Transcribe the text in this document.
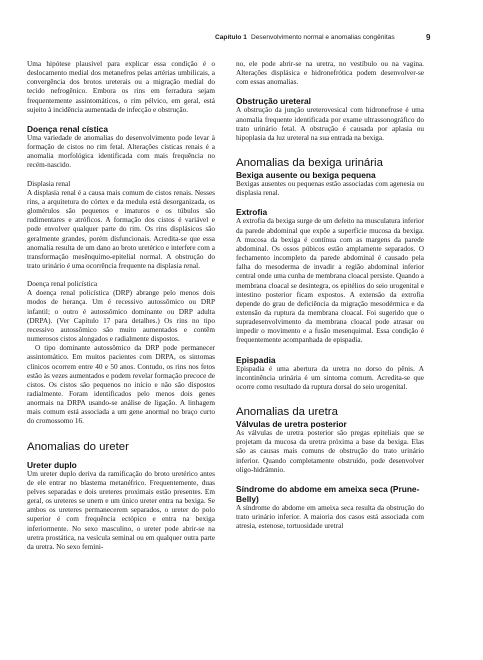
Capítulo 1 Desenvolvimento normal e anomalias congênitas	9

Uma hipótese plausível para explicar essa condição é o deslocamento medial dos metanefros pelas artérias umbilicais, a convergência dos brotos ureterais ou a migração medial do tecido nefrogênico. Embora os rins em ferradura sejam frequentemente assintomáticos, o rim pélvico, em geral, está sujeito à incidência aumentada de infecção e obstrução.

Doença renal cística

Uma variedade de anomalias do desenvolvimento pode levar à formação de cistos no rim fetal. Alterações císticas renais é a anomalia morfológica identificada com mais frequência no recém-nascido.

Displasia renal

A displasia renal é a causa mais comum de cistos renais. Nesses rins, a arquitetura do córtex e da medula está desorganizada, os glomérulos são pequenos e imaturos e os túbulos são rudimentares e atróficos. A formação dos cistos é variável e pode envolver qualquer parte do rim. Os rins displásicos são geralmente grandes, porém disfuncionais. Acredita-se que essa anomalia resulta de um dano ao broto uretérico e interfere com a transformação mesênquimo-epitelial normal. A obstrução do trato urinário é uma ocorrência frequente na displasia renal.

Doença renal policística

A doença renal policística (DRP) abrange pelo menos dois modos de herança. Um é recessivo autossômico ou DRP infantil; o outro é autossômico dominante ou DRP adulta (DRPA). (Ver Capítulo 17 para detalhes.) Os rins no tipo recessivo autossômico são muito aumentados e contêm numerosos cistos alongados e radialmente dispostos.

O tipo dominante autossômico da DRP pode permanecer assintomático. Em muitos pacientes com DRPA, os sintomas clínicos ocorrem entre 40 e 50 anos. Contudo, os rins nos fetos estão às vezes aumentados e podem revelar formação precoce de cistos. Os cistos são pequenos no início e não são dispostos radialmente. Foram identificados pelo menos dois genes anormais na DRPA usando-se análise de ligação. A linhagem mais comum está associada a um gene anormal no braço curto do cromossomo 16.

Anomalias do ureter
Ureter duplo

Um ureter duplo deriva da ramificação do broto uretérico antes de ele entrar no blastema metanéfrico. Frequentemente, duas pelves separadas e dois ureteres proximais estão presentes. Em geral, os ureteres se unem e um único ureter entra na bexiga. Se ambos os ureteres permanecerem separados, o ureter do polo superior é com frequência ectópico e entra na bexiga inferiormente. No sexo masculino, o ureter pode abrir-se na uretra prostática, na vesícula seminal ou em qualquer outra parte da uretra. No sexo femini-

no, ele pode abrir-se na uretra, no vestíbulo ou na vagina. Alterações displásica e hidronefrótica podem desenvolver-se com essas anomalias.

Obstrução ureteral

A obstrução da junção ureterovesical com hidronefrose é uma anomalia frequente identificada por exame ultrassonográfico do trato urinário fetal. A obstrução é causada por aplasia ou hipoplasia da luz ureteral na sua entrada na bexiga.

Anomalias da bexiga urinária
Bexiga ausente ou bexiga pequena

Bexigas ausentes ou pequenas estão associadas com agenesia ou displasia renal.

Extrofia

A extrofia da bexiga surge de um defeito na musculatura inferior da parede abdominal que expõe a superfície mucosa da bexiga. A mucosa da bexiga é contínua com as margens da parede abdominal. Os ossos púbicos estão amplamente separados. O fechamento incompleto da parede abdominal é causado pela falha do mesoderma de invadir a região abdominal inferior central onde uma cunha de membrana cloacal persiste. Quando a membrana cloacal se desintegra, os epitélios do seio urogenital e intestino posterior ficam expostos. A extensão da extrofia depende do grau de deficiência da migração mesodérmica e da extensão da ruptura da membrana cloacal. Foi sugerido que o supradesenvolvimento da membrana cloacal pode atrasar ou impedir o movimento e a fusão mesenquimal. Essa condição é frequentemente acompanhada de epispadia.

Epispadia

Epispadia é uma abertura da uretra no dorso do pênis. A incontinência urinária é um sintoma comum. Acredita-se que ocorre como resultado da ruptura dorsal do seio urogenital.

Anomalias da uretra
Válvulas de uretra posterior

As válvulas de uretra posterior são pregas epiteliais que se projetam da mucosa da uretra próxima a base da bexiga. Elas são as causas mais comuns de obstrução do trato urinário inferior. Quando completamente obstruído, pode desenvolver oligo-hidrâmnio.

Síndrome do abdome em ameixa seca (Prune-Belly)

A síndrome do abdome em ameixa seca resulta da obstrução do trato urinário inferior. A maioria dos casos está associada com atresia, estenose, tortuosidade uretral
